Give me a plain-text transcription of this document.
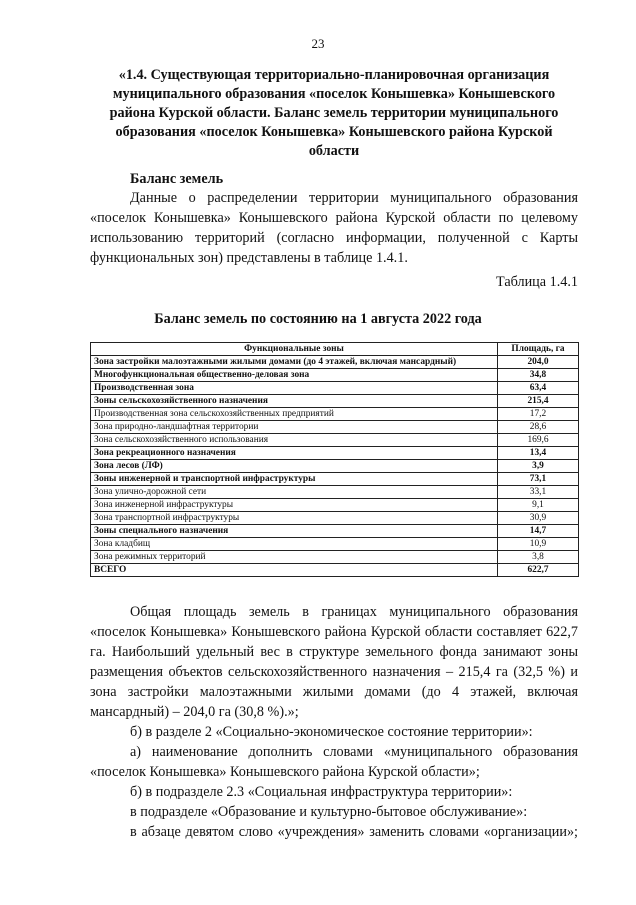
23
«1.4. Существующая территориально-планировочная организация муниципального образования «поселок Конышевка» Конышевского района Курской области. Баланс земель территории муниципального образования «поселок Конышевка» Конышевского района Курской области
Баланс земель

Данные о распределении территории муниципального образования «поселок Конышевка» Конышевского района Курской области по целевому использованию территорий (согласно информации, полученной с Карты функциональных зон) представлены в таблице 1.4.1.

Таблица 1.4.1
Баланс земель по состоянию на 1 августа 2022 года
Функциональные зоны	Площадь, га
Зона застройки малоэтажными жилыми домами (до 4 этажей, включая мансардный)	204,0
Многофункциональная общественно-деловая зона	34,8
Производственная зона	63,4
Зоны сельскохозяйственного назначения	215,4
Производственная зона сельскохозяйственных предприятий	17,2
Зона природно-ландшафтная территории	28,6
Зона сельскохозяйственного использования	169,6
Зона рекреационного назначения	13,4
Зона лесов (ЛФ)	3,9
Зоны инженерной и транспортной инфраструктуры	73,1
Зона улично-дорожной сети	33,1
Зона инженерной инфраструктуры	9,1
Зона транспортной инфраструктуры	30,9
Зоны специального назначения	14,7
Зона кладбищ	10,9
Зона режимных территорий	3,8
ВСЕГО	622,7

Общая площадь земель в границах муниципального образования «поселок Конышевка» Конышевского района Курской области составляет 622,7 га. Наибольший удельный вес в структуре земельного фонда занимают зоны размещения объектов сельскохозяйственного назначения – 215,4 га (32,5 %) и зона застройки малоэтажными жилыми домами (до 4 этажей, включая мансардный) – 204,0 га (30,8 %).»;

б) в разделе 2 «Социально-экономическое состояние территории»:

а) наименование дополнить словами «муниципального образования «поселок Конышевка» Конышевского района Курской области»;

б) в подразделе 2.3 «Социальная инфраструктура территории»:

в подразделе «Образование и культурно-бытовое обслуживание»:

в абзаце девятом слово «учреждения» заменить словами «организации»;
